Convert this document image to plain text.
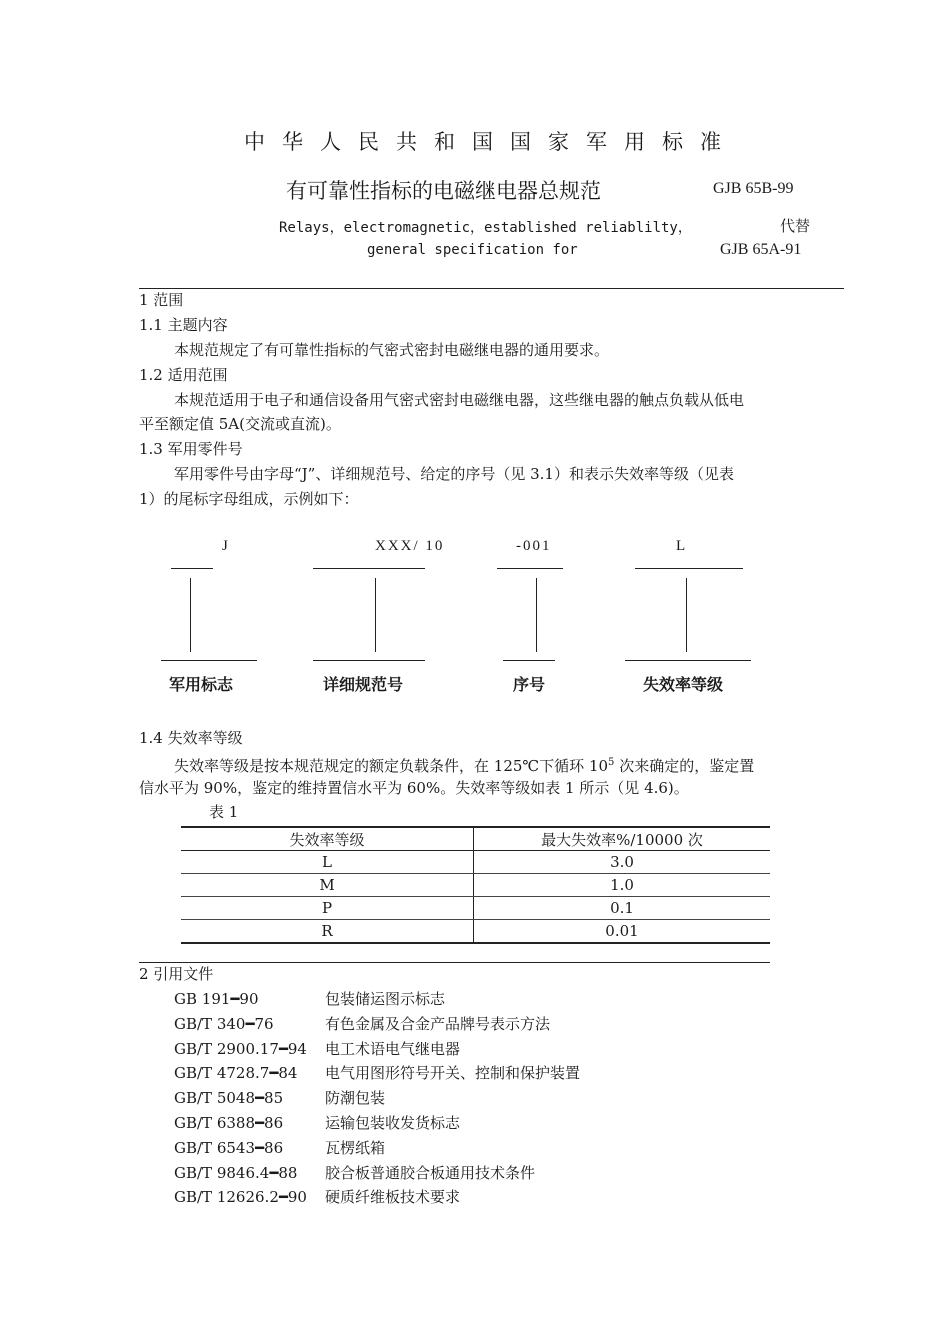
中华人民共和国国家军用标准
有可靠性指标的电磁继电器总规范	GJB 65B-99
Relays，electromagnetic，established reliablilty，	代替
general specification for	GJB 65A-91
1 范围
1.1 主题内容
本规范规定了有可靠性指标的气密式密封电磁继电器的通用要求。
1.2 适用范围
本规范适用于电子和通信设备用气密式密封电磁继电器，这些继电器的触点负载从低电
平至额定值 5A(交流或直流)。
1.3 军用零件号
军用零件号由字母“J”、详细规范号、给定的序号（见 3.1）和表示失效率等级（见表
1）的尾标字母组成，示例如下：
J	XXX/ 10	-001	L
军用标志	详细规范号	序号	失效率等级
1.4 失效率等级
失效率等级是按本规范规定的额定负载条件，在 125℃下循环 $10^5$ 次来确定的，鉴定置
信水平为 90%，鉴定的维持置信水平为 60%。失效率等级如表 1 所示（见 4.6)。
表 1
失效率等级	最大失效率%/10000 次
L	3.0
M	1.0
P	0.1
R	0.01
2 引用文件
GB 191━90	包装储运图示标志
GB/T 340━76	有色金属及合金产品牌号表示方法
GB/T 2900.17━94 电工术语电气继电器
GB/T 4728.7━84 电气用图形符号开关、控制和保护装置
GB/T 5048━85	防潮包装
GB/T 6388━86	运输包装收发货标志
GB/T 6543━86	瓦楞纸箱
GB/T 9846.4━88 胶合板普通胶合板通用技术条件
GB/T 12626.2━90 硬质纤维板技术要求
